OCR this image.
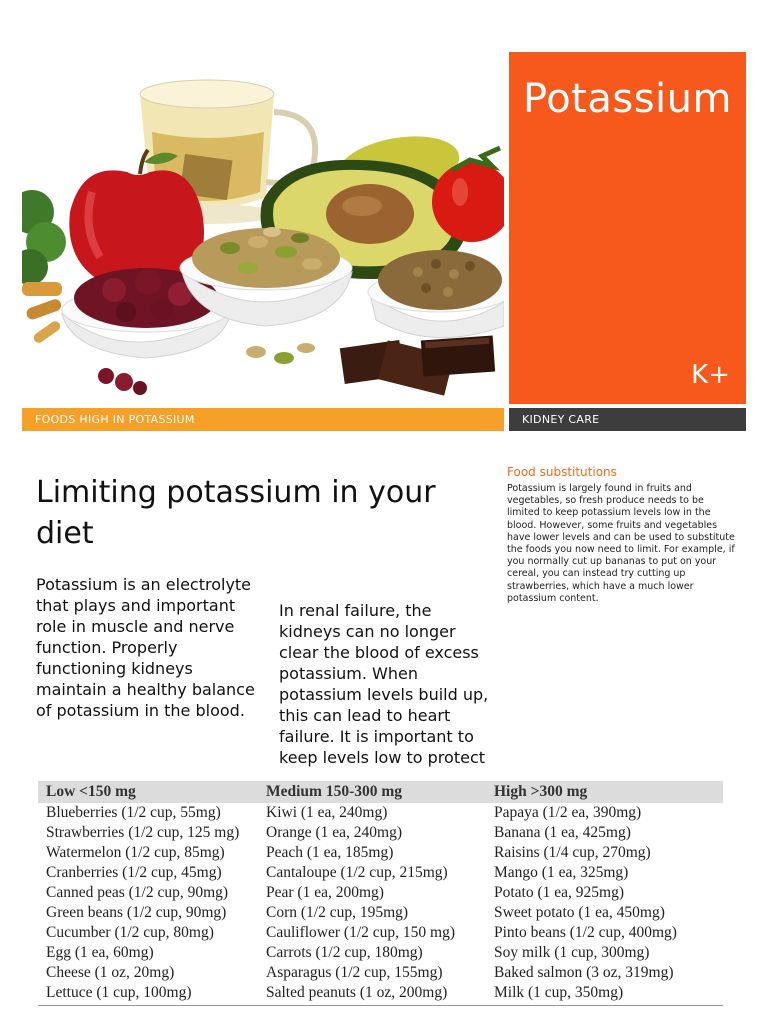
Potassium
K+
FOODS HIGH IN POTASSIUM	KIDNEY CARE
Limiting potassium in your diet
Potassium is an electrolyte that plays and important role in muscle and nerve function. Properly functioning kidneys maintain a healthy balance of potassium in the blood.
In renal failure, the kidneys can no longer clear the blood of excess potassium. When potassium levels build up, this can lead to heart failure. It is important to keep levels low to protect
Food substitutions
Potassium is largely found in fruits and vegetables, so fresh produce needs to be limited to keep potassium levels low in the blood. However, some fruits and vegetables have lower levels and can be used to substitute the foods you now need to limit. For example, if you normally cut up bananas to put on your cereal, you can instead try cutting up strawberries, which have a much lower potassium content.
Low <150 mg	Medium 150-300 mg	High >300 mg
Blueberries (1/2 cup, 55mg)	Kiwi (1 ea, 240mg)	Papaya (1/2 ea, 390mg)
Strawberries (1/2 cup, 125 mg)	Orange (1 ea, 240mg)	Banana (1 ea, 425mg)
Watermelon (1/2 cup, 85mg)	Peach (1 ea, 185mg)	Raisins (1/4 cup, 270mg)
Cranberries (1/2 cup, 45mg)	Cantaloupe (1/2 cup, 215mg)	Mango (1 ea, 325mg)
Canned peas (1/2 cup, 90mg)	Pear (1 ea, 200mg)	Potato (1 ea, 925mg)
Green beans (1/2 cup, 90mg)	Corn (1/2 cup, 195mg)	Sweet potato (1 ea, 450mg)
Cucumber (1/2 cup, 80mg)	Cauliflower (1/2 cup, 150 mg)	Pinto beans (1/2 cup, 400mg)
Egg (1 ea, 60mg)	Carrots (1/2 cup, 180mg)	Soy milk (1 cup, 300mg)
Cheese (1 oz, 20mg)	Asparagus (1/2 cup, 155mg)	Baked salmon (3 oz, 319mg)
Lettuce (1 cup, 100mg)	Salted peanuts (1 oz, 200mg)	Milk (1 cup, 350mg)
